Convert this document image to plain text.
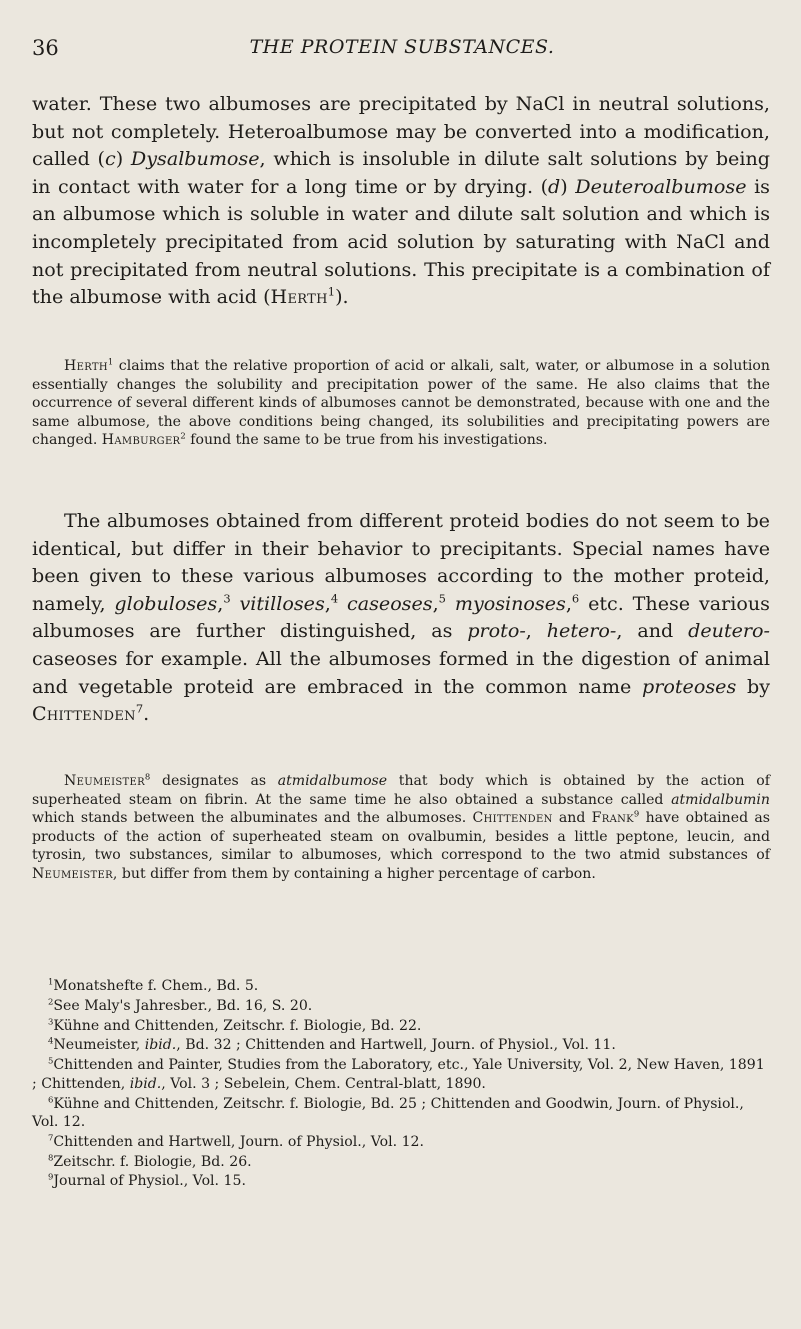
36	THE PROTEIN SUBSTANCES.
water. These two albumoses are precipitated by NaCl in neutral solutions, but not completely. Heteroalbumose may be converted into a modification, called (c) Dysalbumose, which is insoluble in dilute salt solutions by being in contact with water for a long time or by drying. (d) Deuteroalbumose is an albumose which is soluble in water and dilute salt solution and which is incompletely precipitated from acid solution by saturating with NaCl and not precipitated from neutral solutions. This precipitate is a combination of the albumose with acid (Herth$^1$).
Herth$^1$ claims that the relative proportion of acid or alkali, salt, water, or albumose in a solution essentially changes the solubility and precipitation power of the same. He also claims that the occurrence of several different kinds of albumoses cannot be demonstrated, because with one and the same albumose, the above conditions being changed, its solubilities and precipitating powers are changed. Hamburger$^2$ found the same to be true from his investigations.
The albumoses obtained from different proteid bodies do not seem to be identical, but differ in their behavior to precipitants. Special names have been given to these various albumoses according to the mother proteid, namely, globuloses,$^3$ vitilloses,$^4$ caseoses,$^5$ myosinoses,$^6$ etc. These various albumoses are further distinguished, as proto-, hetero-, and deutero-caseoses for example. All the albumoses formed in the digestion of animal and vegetable proteid are embraced in the common name proteoses by Chittenden$^7$.
Neumeister$^8$ designates as atmidalbumose that body which is obtained by the action of superheated steam on fibrin. At the same time he also obtained a substance called atmidalbumin which stands between the albuminates and the albumoses. Chittenden and Frank$^9$ have obtained as products of the action of superheated steam on ovalbumin, besides a little peptone, leucin, and tyrosin, two substances, similar to albumoses, which correspond to the two atmid substances of Neumeister, but differ from them by containing a higher percentage of carbon.

$^1$Monatshefte f. Chem., Bd. 5.

$^2$See Maly's Jahresber., Bd. 16, S. 20.

$^3$Kühne and Chittenden, Zeitschr. f. Biologie, Bd. 22.

$^4$Neumeister, ibid., Bd. 32 ; Chittenden and Hartwell, Journ. of Physiol., Vol. 11.

$^5$Chittenden and Painter, Studies from the Laboratory, etc., Yale University, Vol. 2, New Haven, 1891 ; Chittenden, ibid., Vol. 3 ; Sebelein, Chem. Central-blatt, 1890.

$^6$Kühne and Chittenden, Zeitschr. f. Biologie, Bd. 25 ; Chittenden and Goodwin, Journ. of Physiol., Vol. 12.

$^7$Chittenden and Hartwell, Journ. of Physiol., Vol. 12.

$^8$Zeitschr. f. Biologie, Bd. 26.

$^9$Journal of Physiol., Vol. 15.
